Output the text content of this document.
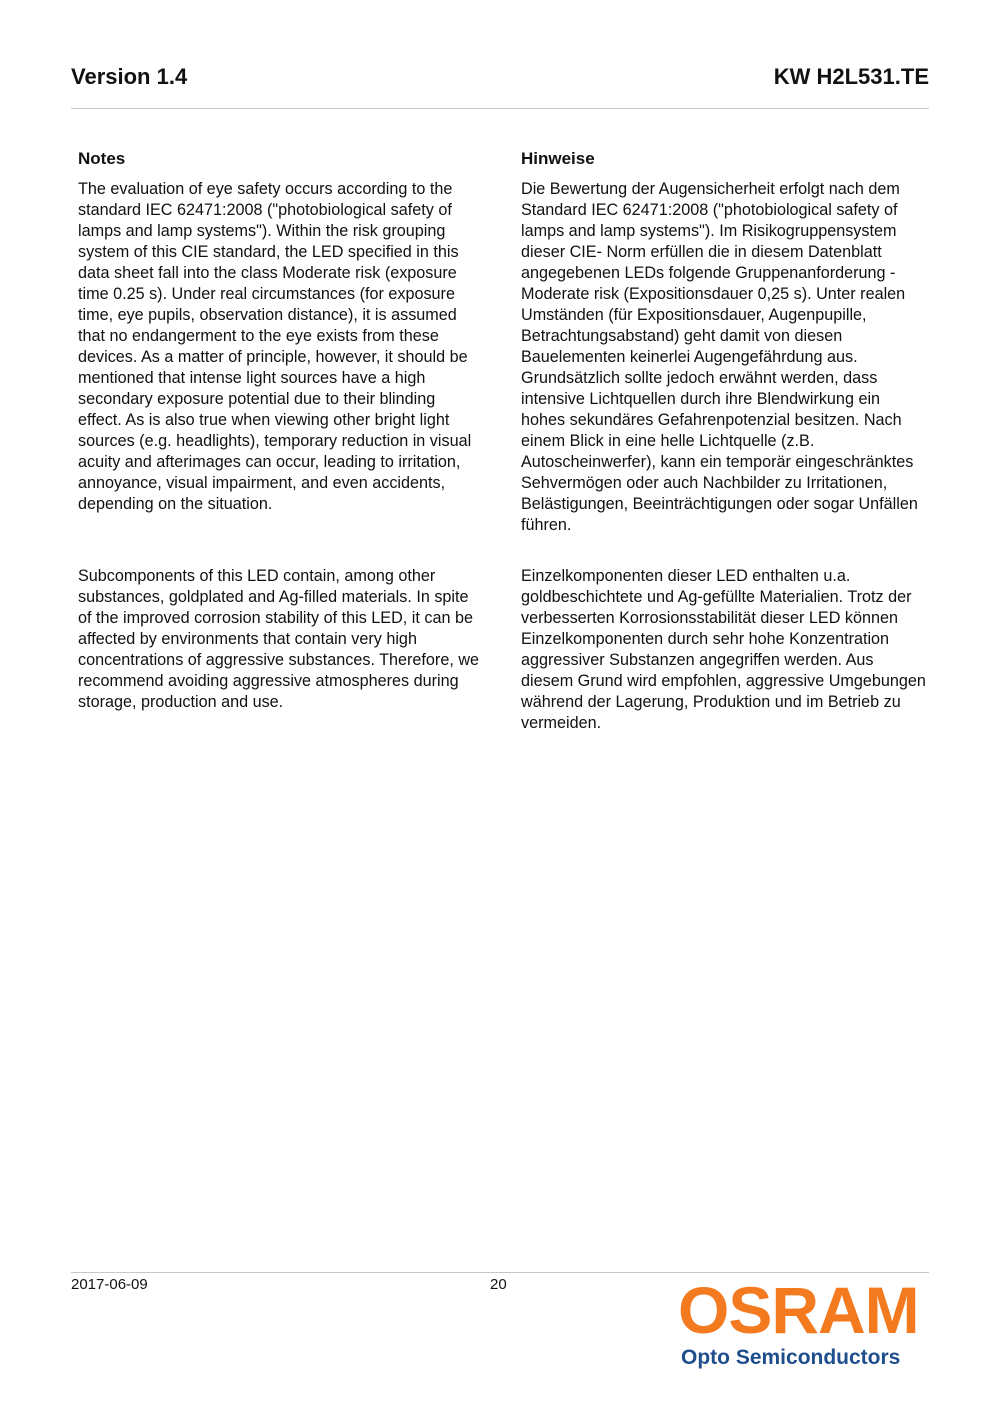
Version 1.4	KW H2L531.TE
Notes	Hinweise

The evaluation of eye safety occurs according to the standard IEC 62471:2008 ("photobiological safety of lamps and lamp systems"). Within the risk grouping system of this CIE standard, the LED specified in this data sheet fall into the class Moderate risk (exposure time 0.25 s). Under real circumstances (for exposure time, eye pupils, observation distance), it is assumed that no endangerment to the eye exists from these devices. As a matter of principle, however, it should be mentioned that intense light sources have a high secondary exposure potential due to their blinding effect. As is also true when viewing other bright light sources (e.g. headlights), temporary reduction in visual acuity and afterimages can occur, leading to irritation, annoyance, visual impairment, and even accidents, depending on the situation.

Subcomponents of this LED contain, among other substances, goldplated and Ag-filled materials. In spite of the improved corrosion stability of this LED, it can be affected by environments that contain very high concentrations of aggressive substances. Therefore, we recommend avoiding aggressive atmospheres during storage, production and use.

Die Bewertung der Augensicherheit erfolgt nach dem Standard IEC 62471:2008 ("photobiological safety of lamps and lamp systems"). Im Risikogruppensystem dieser CIE- Norm erfüllen die in diesem Datenblatt angegebenen LEDs folgende Gruppenanforderung - Moderate risk (Expositionsdauer 0,25 s). Unter realen Umständen (für Expositionsdauer, Augenpupille, Betrachtungsabstand) geht damit von diesen Bauelementen keinerlei Augengefährdung aus. Grundsätzlich sollte jedoch erwähnt werden, dass intensive Lichtquellen durch ihre Blendwirkung ein hohes sekundäres Gefahrenpotenzial besitzen. Nach einem Blick in eine helle Lichtquelle (z.B. Autoscheinwerfer), kann ein temporär eingeschränktes Sehvermögen oder auch Nachbilder zu Irritationen, Belästigungen, Beeinträchtigungen oder sogar Unfällen führen.

Einzelkomponenten dieser LED enthalten u.a. goldbeschichtete und Ag-gefüllte Materialien. Trotz der verbesserten Korrosionsstabilität dieser LED können Einzelkomponenten durch sehr hohe Konzentration aggressiver Substanzen angegriffen werden. Aus diesem Grund wird empfohlen, aggressive Umgebungen während der Lagerung, Produktion und im Betrieb zu vermeiden.

2017-06-09	20	OSRAM
Opto Semiconductors
